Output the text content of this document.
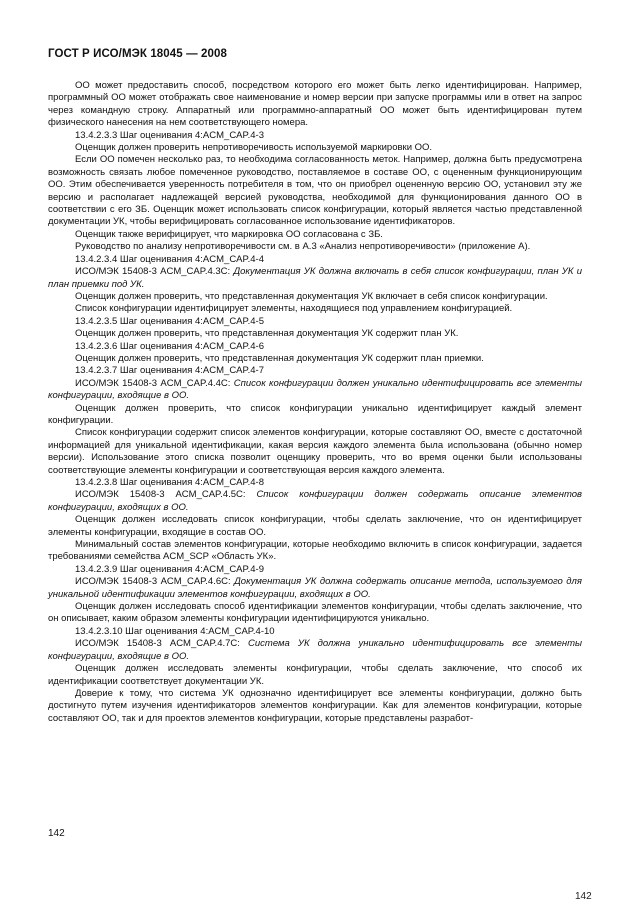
ГОСТ Р ИСО/МЭК 18045 — 2008

ОО может предоставить способ, посредством которого его может быть легко идентифицирован. Например, программный ОО может отображать свое наименование и номер версии при запуске программы или в ответ на запрос через командную строку. Аппаратный или программно-аппаратный ОО может быть идентифицирован путем физического нанесения на нем соответствующего номера.

13.4.2.3.3 Шаг оценивания 4:ACM_CAP.4-3

Оценщик должен проверить непротиворечивость используемой маркировки ОО.

Если ОО помечен несколько раз, то необходима согласованность меток. Например, должна быть предусмотрена возможность связать любое помеченное руководство, поставляемое в составе ОО, с оцененным функционирующим ОО. Этим обеспечивается уверенность потребителя в том, что он приобрел оцененную версию ОО, установил эту же версию и располагает надлежащей версией руководства, необходимой для функционирования данного ОО в соответствии с его ЗБ. Оценщик может использовать список конфигурации, который является частью представленной документации УК, чтобы верифицировать согласованное использование идентификаторов.

Оценщик также верифицирует, что маркировка ОО согласована с ЗБ.

Руководство по анализу непротиворечивости см. в А.3 «Анализ непротиворечивости» (приложение А).

13.4.2.3.4 Шаг оценивания 4:ACM_CAP.4-4

ИСО/МЭК 15408-3 ACM_CAP.4.3С: Документация УК должна включать в себя список конфигурации, план УК и план приемки под УК.

Оценщик должен проверить, что представленная документация УК включает в себя список конфигурации.

Список конфигурации идентифицирует элементы, находящиеся под управлением конфигурацией.

13.4.2.3.5 Шаг оценивания 4:ACM_CAP.4-5

Оценщик должен проверить, что представленная документация УК содержит план УК.

13.4.2.3.6 Шаг оценивания 4:ACM_CAP.4-6

Оценщик должен проверить, что представленная документация УК содержит план приемки.

13.4.2.3.7 Шаг оценивания 4:ACM_CAP.4-7

ИСО/МЭК 15408-3 ACM_CAP.4.4С: Список конфигурации должен уникально идентифицировать все элементы конфигурации, входящие в ОО.

Оценщик должен проверить, что список конфигурации уникально идентифицирует каждый элемент конфигурации.

Список конфигурации содержит список элементов конфигурации, которые составляют ОО, вместе с достаточной информацией для уникальной идентификации, какая версия каждого элемента была использована (обычно номер версии). Использование этого списка позволит оценщику проверить, что во время оценки были использованы соответствующие элементы конфигурации и соответствующая версия каждого элемента.

13.4.2.3.8 Шаг оценивания 4:ACM_CAP.4-8

ИСО/МЭК 15408-3 ACM_CAP.4.5С: Список конфигурации должен содержать описание элементов конфигурации, входящих в ОО.

Оценщик должен исследовать список конфигурации, чтобы сделать заключение, что он идентифицирует элементы конфигурации, входящие в состав ОО.

Минимальный состав элементов конфигурации, которые необходимо включить в список конфигурации, задается требованиями семейства ACM_SCP «Область УК».

13.4.2.3.9 Шаг оценивания 4:ACM_CAP.4-9

ИСО/МЭК 15408-3 ACM_CAP.4.6С: Документация УК должна содержать описание метода, используемого для уникальной идентификации элементов конфигурации, входящих в ОО.

Оценщик должен исследовать способ идентификации элементов конфигурации, чтобы сделать заключение, что он описывает, каким образом элементы конфигурации идентифицируются уникально.

13.4.2.3.10 Шаг оценивания 4:ACM_CAP.4-10

ИСО/МЭК 15408-3 ACM_CAP.4.7С: Система УК должна уникально идентифицировать все элементы конфигурации, входящие в ОО.

Оценщик должен исследовать элементы конфигурации, чтобы сделать заключение, что способ их идентификации соответствует документации УК.

Доверие к тому, что система УК однозначно идентифицирует все элементы конфигурации, должно быть достигнуто путем изучения идентификаторов элементов конфигурации. Как для элементов конфигурации, которые составляют ОО, так и для проектов элементов конфигурации, которые представлены разработ-

142
142
